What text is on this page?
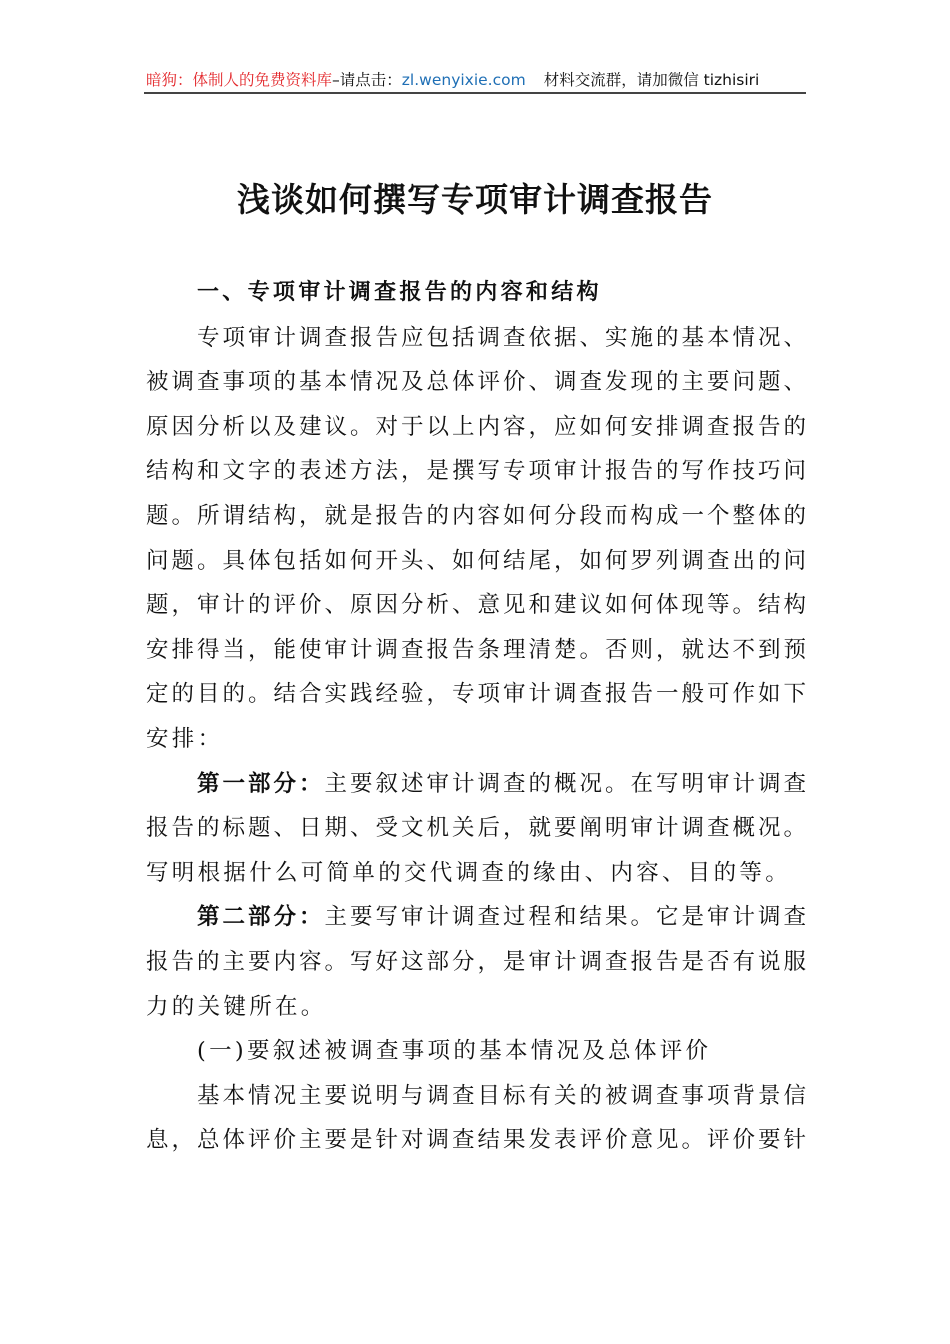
暗狗：体制人的免费资料库–请点击：zl.wenyixie.com 材料交流群，请加微信 tizhisiri
浅谈如何撰写专项审计调查报告
一、专项审计调查报告的内容和结构
专项审计调查报告应包括调查依据、实施的基本情况、
被调查事项的基本情况及总体评价、调查发现的主要问题、
原因分析以及建议。对于以上内容，应如何安排调查报告的
结构和文字的表述方法，是撰写专项审计报告的写作技巧问
题。所谓结构，就是报告的内容如何分段而构成一个整体的
问题。具体包括如何开头、如何结尾，如何罗列调查出的问
题，审计的评价、原因分析、意见和建议如何体现等。结构
安排得当，能使审计调查报告条理清楚。否则，就达不到预
定的目的。结合实践经验，专项审计调查报告一般可作如下
安排：
第一部分：主要叙述审计调查的概况。在写明审计调查
报告的标题、日期、受文机关后，就要阐明审计调查概况。
写明根据什么可简单的交代调查的缘由、内容、目的等。
第二部分：主要写审计调查过程和结果。它是审计调查
报告的主要内容。写好这部分，是审计调查报告是否有说服
力的关键所在。
(一)要叙述被调查事项的基本情况及总体评价
基本情况主要说明与调查目标有关的被调查事项背景信
息，总体评价主要是针对调查结果发表评价意见。评价要针
